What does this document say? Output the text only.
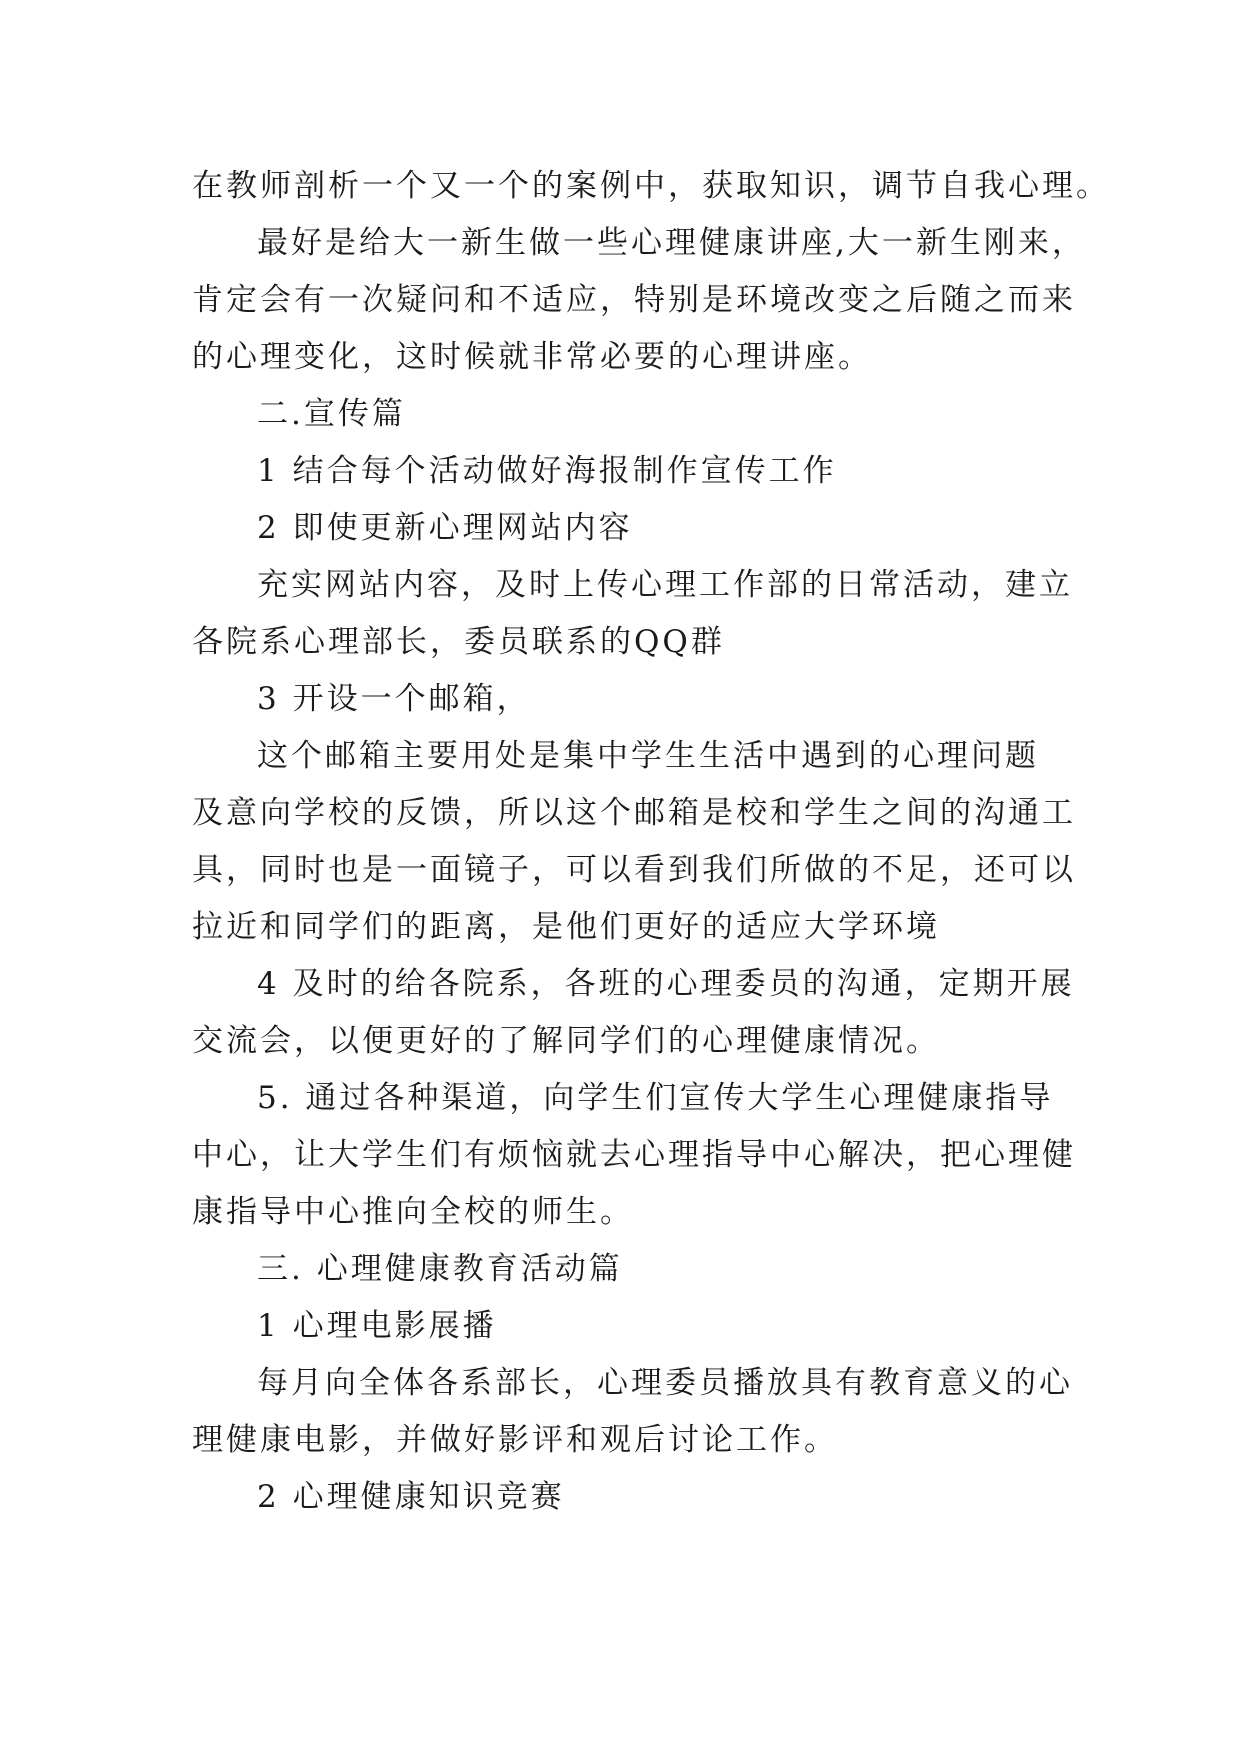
在教师剖析一个又一个的案例中，获取知识，调节自我心理。
最好是给大一新生做一些心理健康讲座,大一新生刚来，
肯定会有一次疑问和不适应，特别是环境改变之后随之而来
的心理变化，这时候就非常必要的心理讲座。
二.宣传篇
1 结合每个活动做好海报制作宣传工作
2 即使更新心理网站内容
充实网站内容，及时上传心理工作部的日常活动，建立
各院系心理部长，委员联系的QQ群
3 开设一个邮箱，
这个邮箱主要用处是集中学生生活中遇到的心理问题
及意向学校的反馈，所以这个邮箱是校和学生之间的沟通工
具，同时也是一面镜子，可以看到我们所做的不足，还可以
拉近和同学们的距离，是他们更好的适应大学环境
4 及时的给各院系，各班的心理委员的沟通，定期开展
交流会，以便更好的了解同学们的心理健康情况。
5. 通过各种渠道，向学生们宣传大学生心理健康指导
中心，让大学生们有烦恼就去心理指导中心解决，把心理健
康指导中心推向全校的师生。
三. 心理健康教育活动篇
1 心理电影展播
每月向全体各系部长，心理委员播放具有教育意义的心
理健康电影，并做好影评和观后讨论工作。
2 心理健康知识竞赛
